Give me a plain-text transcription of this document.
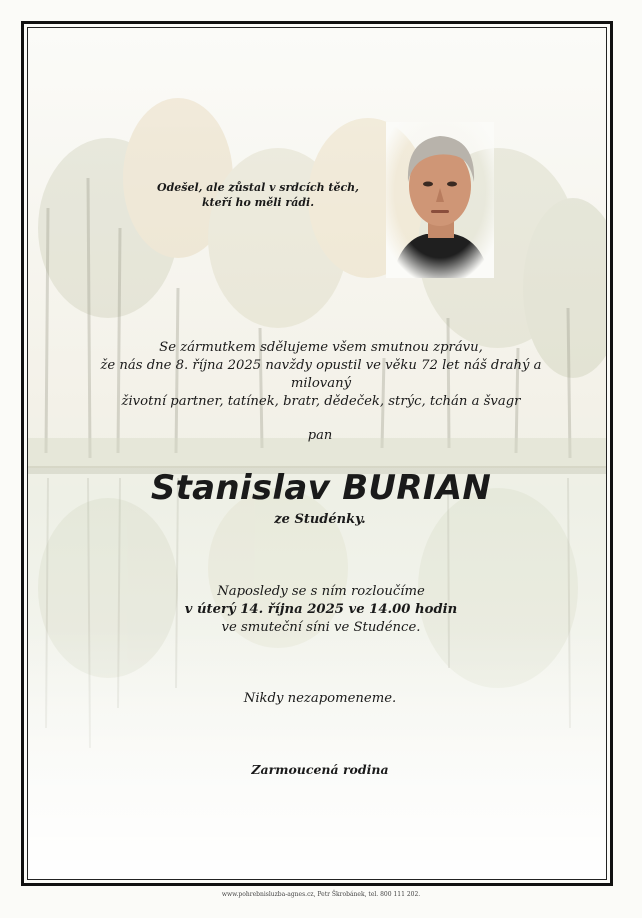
Odešel, ale zůstal v srdcích těch,
kteří ho měli rádi.
Se zármutkem sdělujeme všem smutnou zprávu,
že nás dne 8. října 2025 navždy opustil ve věku 72 let náš drahý a milovaný
životní partner, tatínek, bratr, dědeček, strýc, tchán a švagr
pan
Stanislav BURIAN
ze Studénky.
Naposledy se s ním rozloučíme
v úterý 14. října 2025 ve 14.00 hodin
ve smuteční síni ve Studénce.
Nikdy nezapomeneme.
Zarmoucená rodina
www.pohrebnisluzba-agnes.cz, Petr Škrobánek, tel. 800 111 202.
